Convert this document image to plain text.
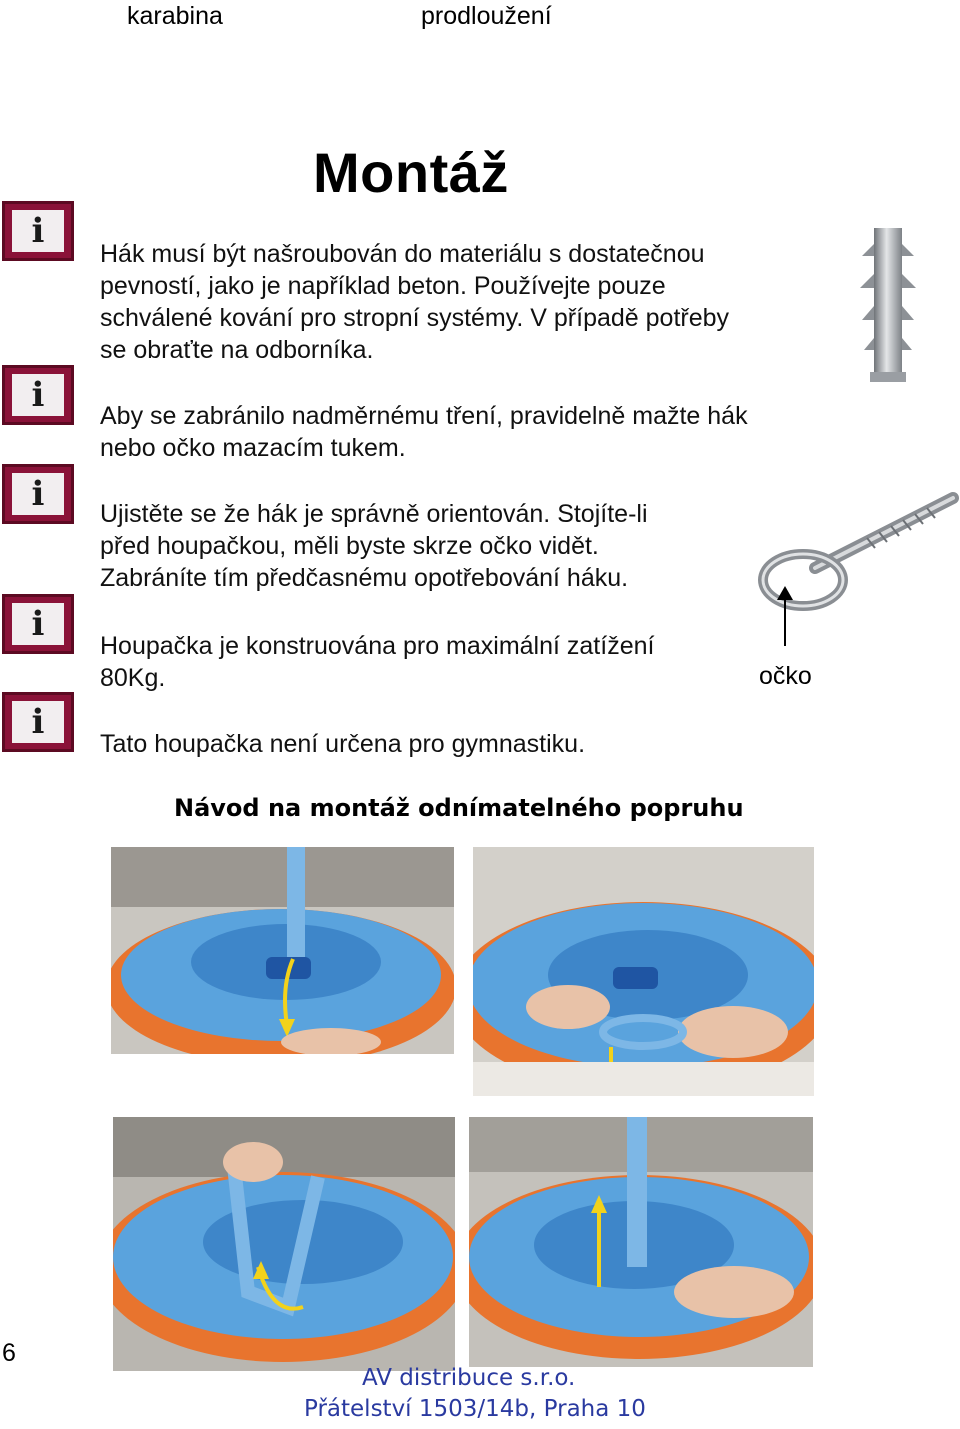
karabina	prodloužení
Montáž
i
i
i
i
i
Hák musí být našroubován do materiálu s dostatečnou
pevností, jako je například beton. Používejte pouze
schválené kování pro stropní systémy. V případě potřeby
se obraťte na odborníka.
Aby se zabránilo nadměrnému tření, pravidelně mažte hák
nebo očko mazacím tukem.
Ujistěte se že hák je správně orientován. Stojíte-li
před houpačkou, měli byste skrze očko vidět.
Zabráníte tím předčasnému opotřebování háku.
Houpačka je konstruována pro maximální zatížení
80Kg.
Tato houpačka není určena pro gymnastiku.
očko
Návod na montáž odnímatelného popruhu
AV distribuce s.r.o.
Přátelství 1503/14b, Praha 10
6
